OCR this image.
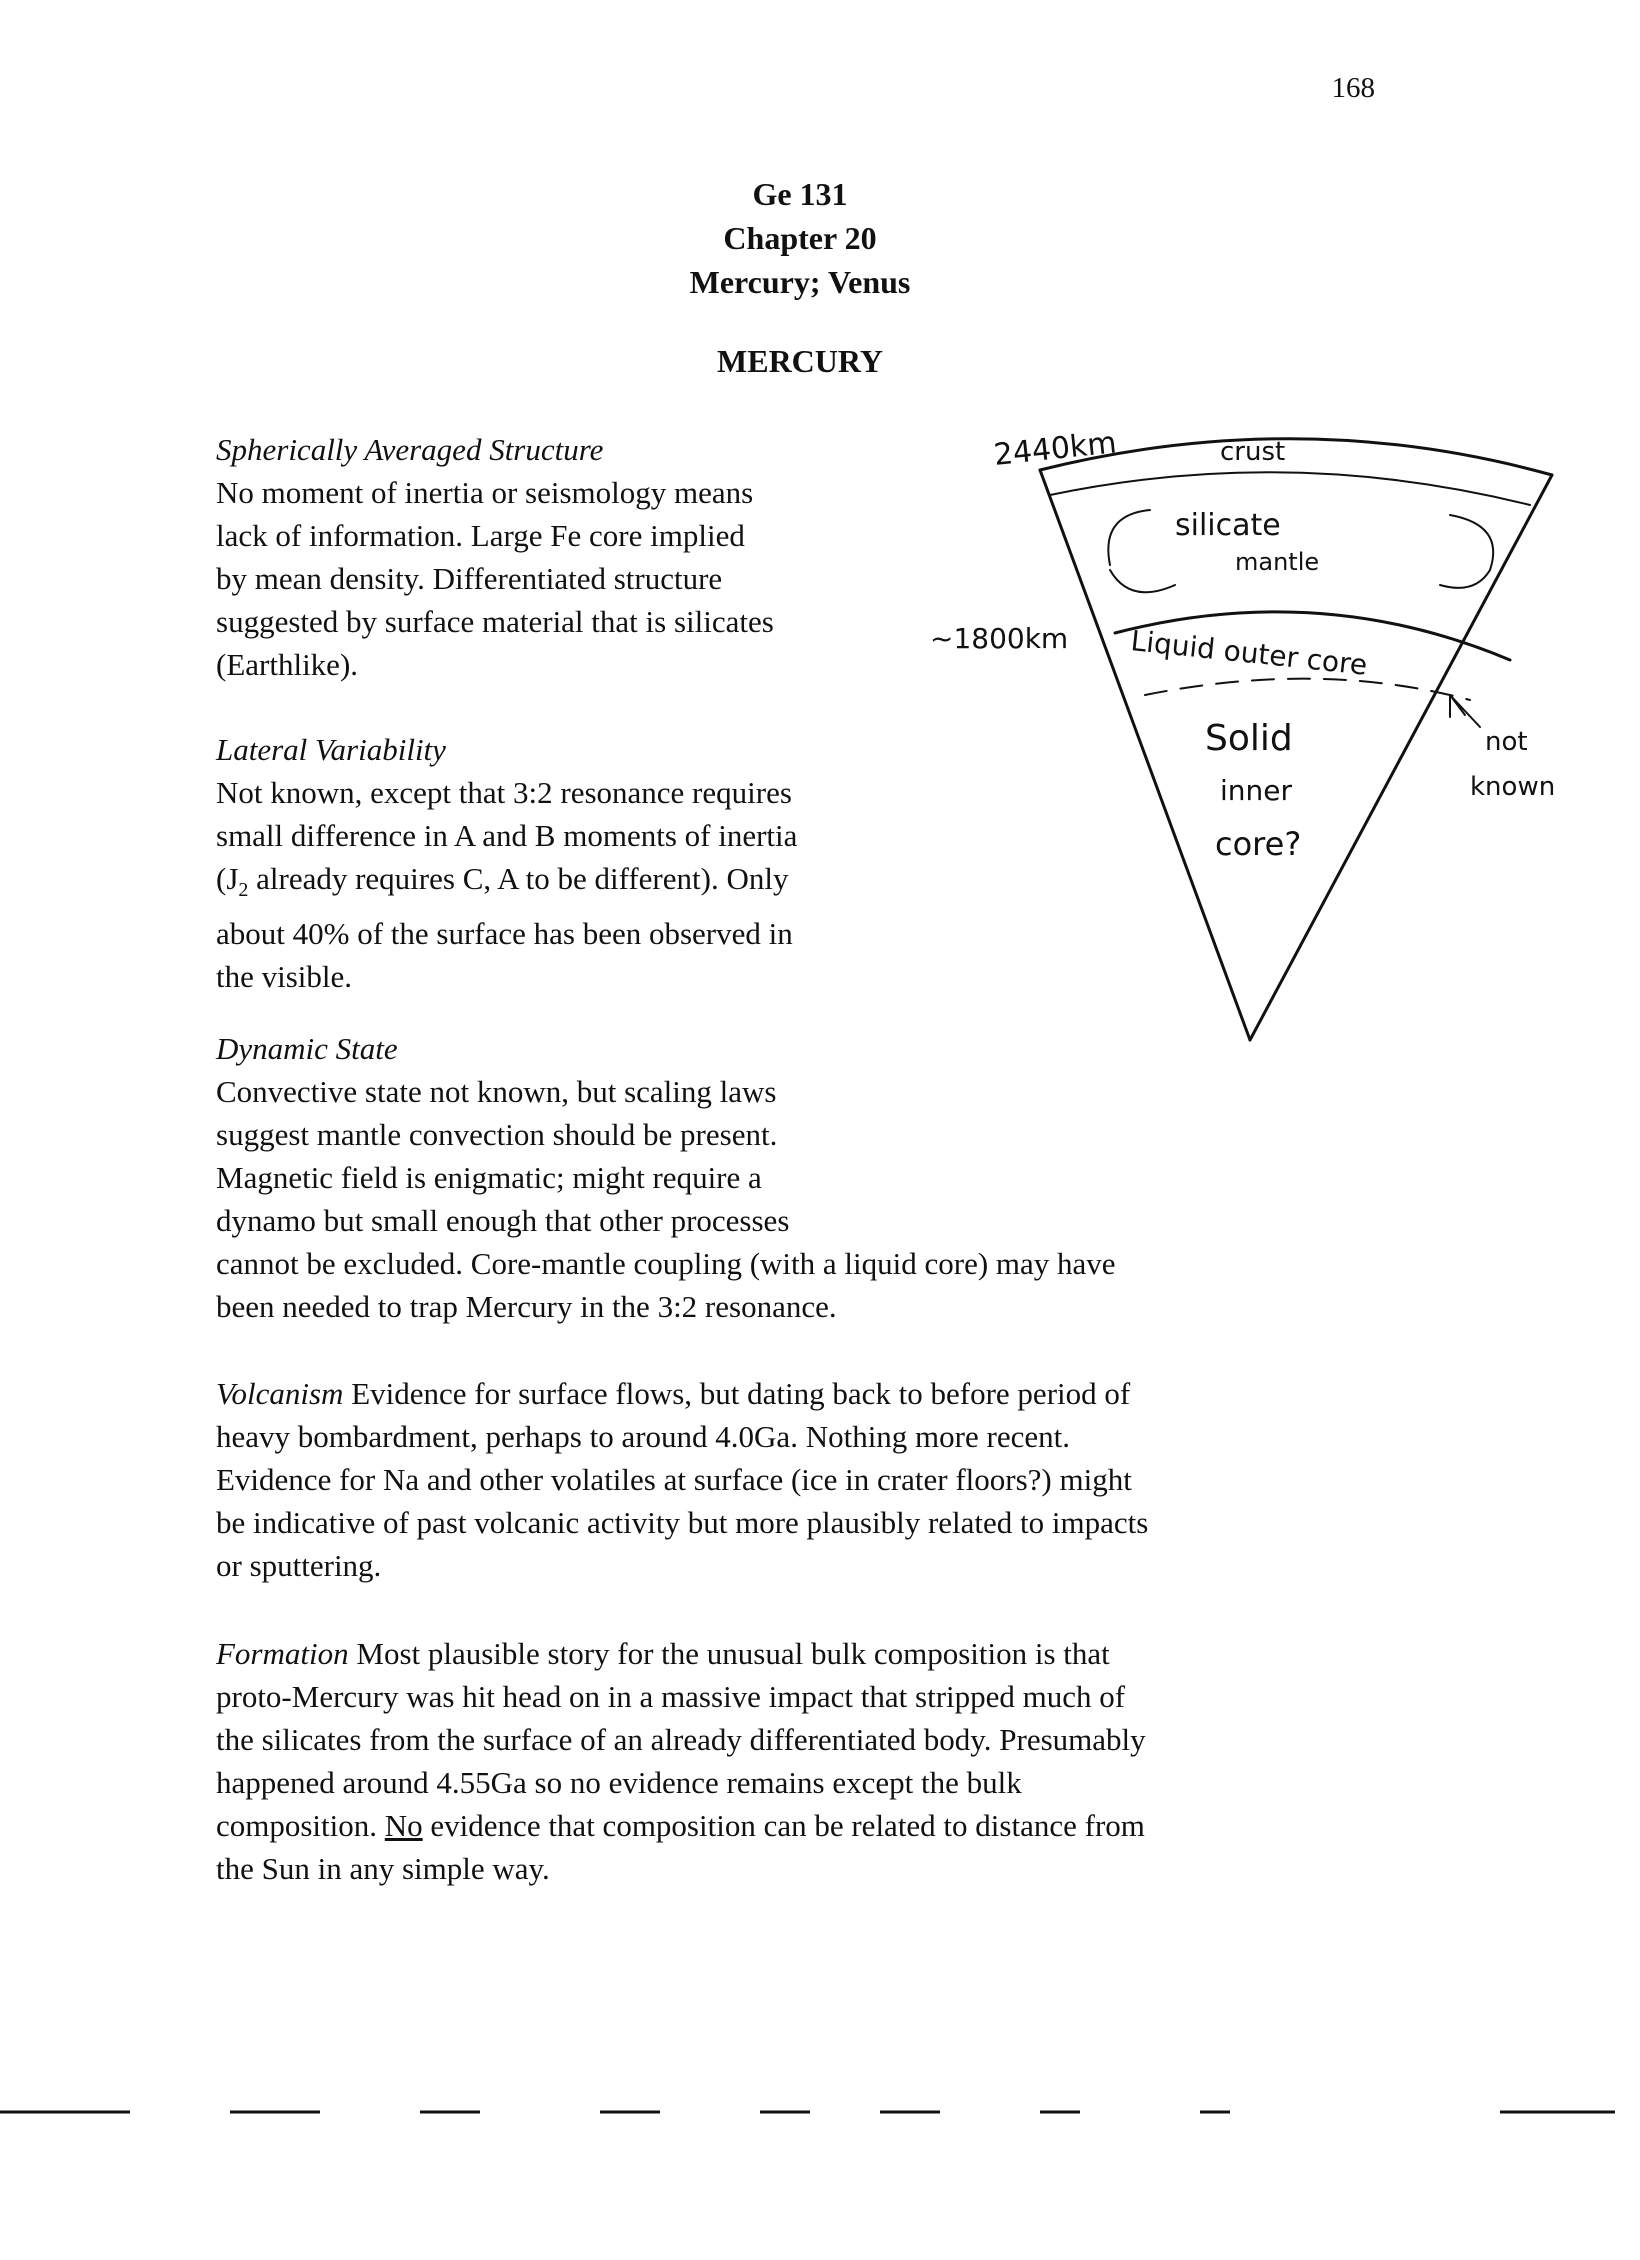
168
Ge 131
Chapter 20
Mercury; Venus
MERCURY
Spherically Averaged Structure
No moment of inertia or seismology means
lack of information. Large Fe core implied
by mean density. Differentiated structure
suggested by surface material that is silicates
(Earthlike).
Lateral Variability
Not known, except that 3:2 resonance requires
small difference in A and B moments of inertia
($J_2$ already requires C, A to be different). Only
about 40% of the surface has been observed in
the visible.
Dynamic State
Convective state not known, but scaling laws
suggest mantle convection should be present.
Magnetic field is enigmatic; might require a
dynamo but small enough that other processes
cannot be excluded. Core-mantle coupling (with a liquid core) may have
been needed to trap Mercury in the 3:2 resonance.
Volcanism Evidence for surface flows, but dating back to before period of
heavy bombardment, perhaps to around 4.0Ga. Nothing more recent.
Evidence for Na and other volatiles at surface (ice in crater floors?) might
be indicative of past volcanic activity but more plausibly related to impacts
or sputtering.
Formation Most plausible story for the unusual bulk composition is that
proto-Mercury was hit head on in a massive impact that stripped much of
the silicates from the surface of an already differentiated body. Presumably
happened around 4.55Ga so no evidence remains except the bulk
composition. No evidence that composition can be related to distance from
the Sun in any simple way.
2440km
~1800km
crust
silicate
mantle
Liquid outer core
Solid
inner
core?
not
known
